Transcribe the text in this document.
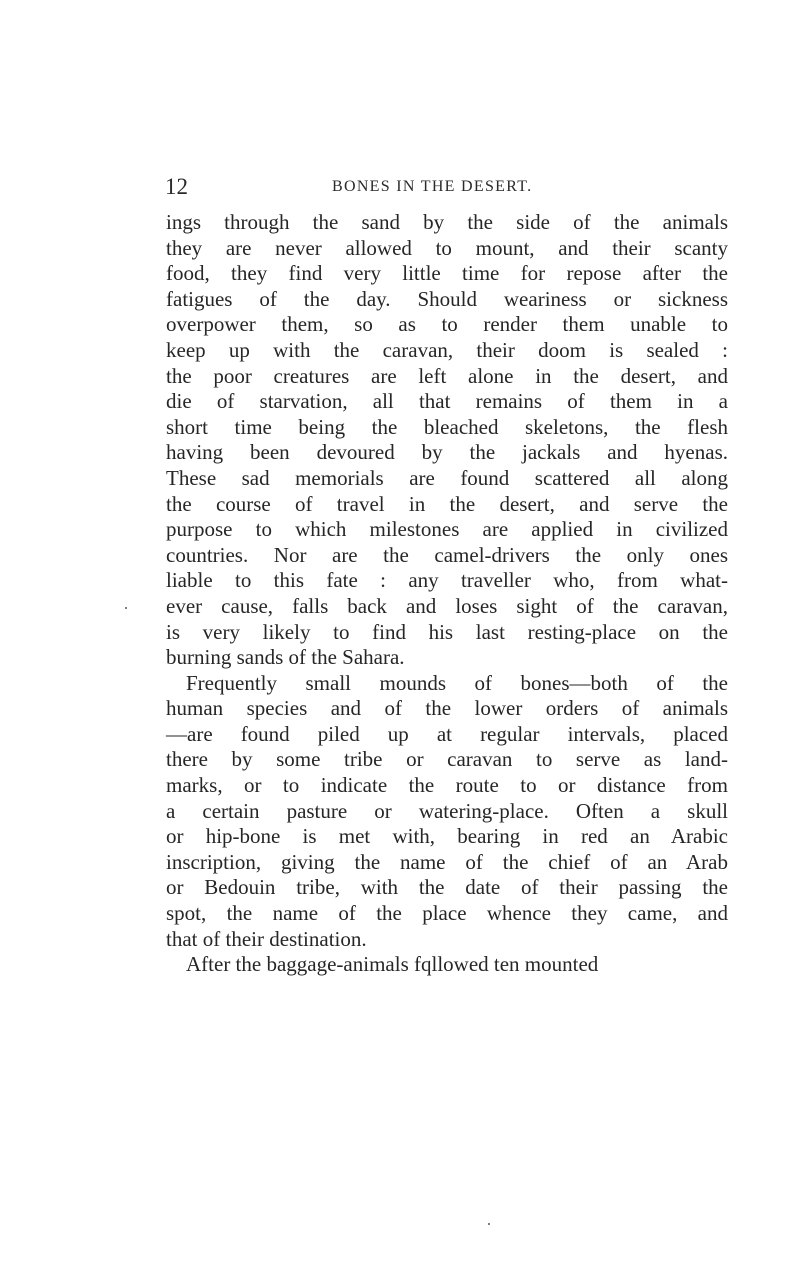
12	BONES IN THE DESERT.
ings through the sand by the side of the animals
they are never allowed to mount, and their scanty
food, they find very little time for repose after the
fatigues of the day. Should weariness or sickness
overpower them, so as to render them unable to
keep up with the caravan, their doom is sealed :
the poor creatures are left alone in the desert, and
die of starvation, all that remains of them in a
short time being the bleached skeletons, the flesh
having been devoured by the jackals and hyenas.
These sad memorials are found scattered all along
the course of travel in the desert, and serve the
purpose to which milestones are applied in civilized
countries. Nor are the camel-drivers the only ones
liable to this fate : any traveller who, from what-
ever cause, falls back and loses sight of the caravan,
is very likely to find his last resting-place on the
burning sands of the Sahara.
Frequently small mounds of bones—both of the
human species and of the lower orders of animals
—are found piled up at regular intervals, placed
there by some tribe or caravan to serve as land-
marks, or to indicate the route to or distance from
a certain pasture or watering-place. Often a skull
or hip-bone is met with, bearing in red an Arabic
inscription, giving the name of the chief of an Arab
or Bedouin tribe, with the date of their passing the
spot, the name of the place whence they came, and
that of their destination.
After the baggage-animals fqllowed ten mounted
